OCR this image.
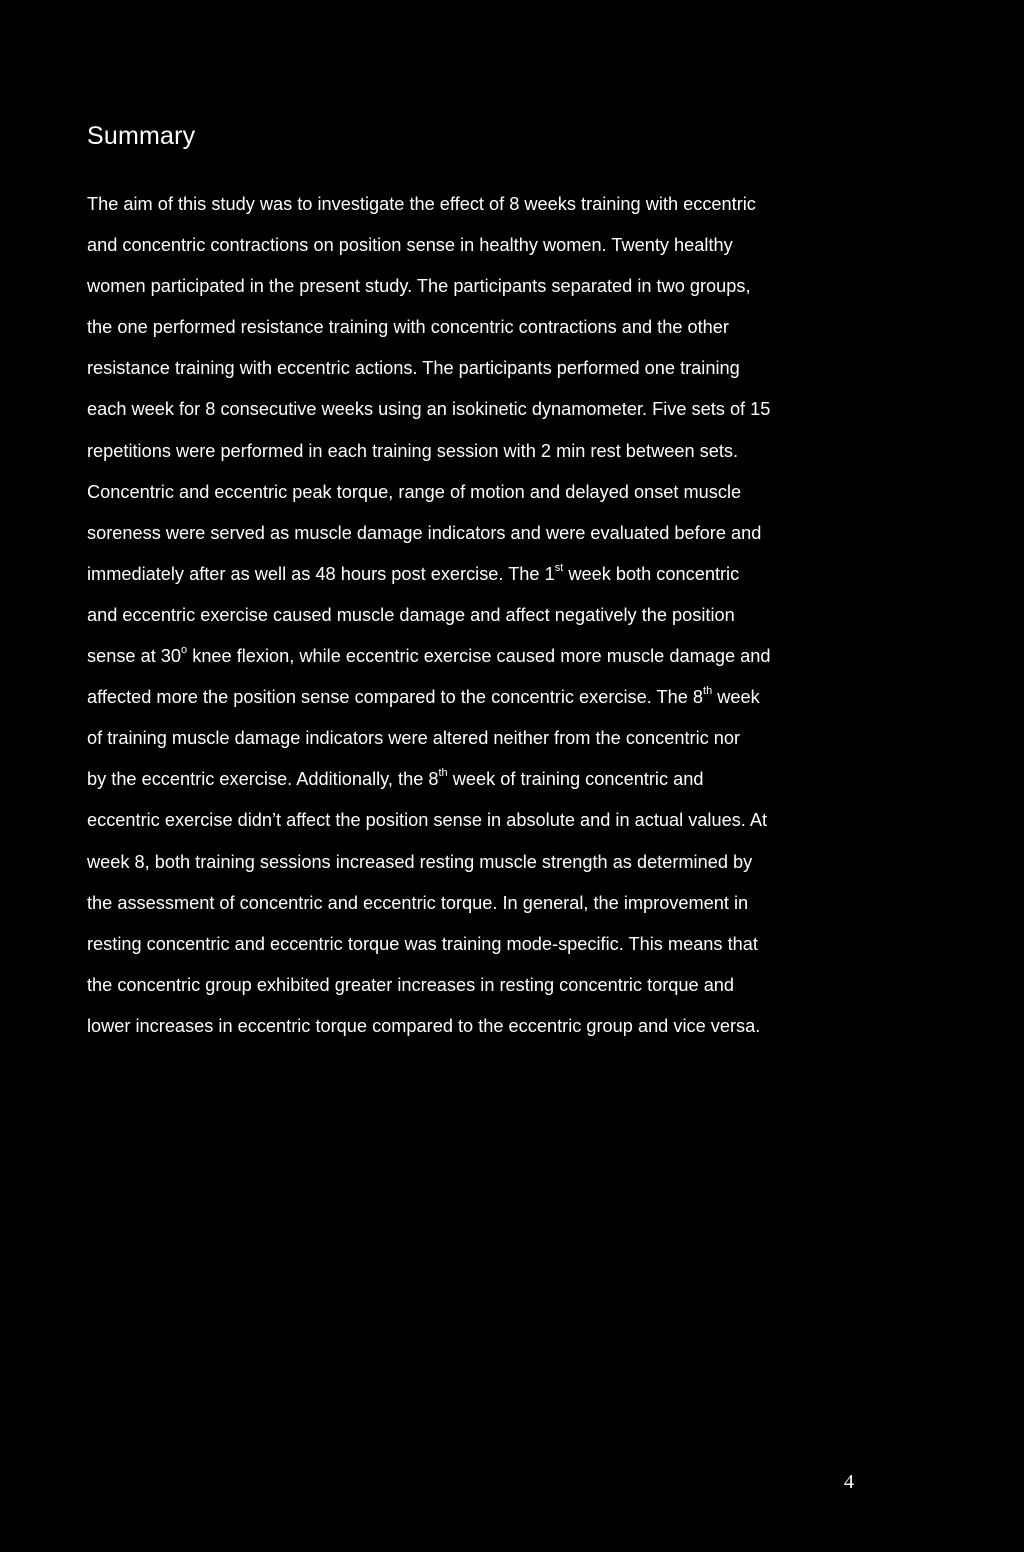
Summary
The aim of this study was to investigate the effect of 8 weeks training with eccentric
and concentric contractions on position sense in healthy women. Twenty healthy
women participated in the present study. The participants separated in two groups,
the one performed resistance training with concentric contractions and the other
resistance training with eccentric actions. The participants performed one training
each week for 8 consecutive weeks using an isokinetic dynamometer. Five sets of 15
repetitions were performed in each training session with 2 min rest between sets.
Concentric and eccentric peak torque, range of motion and delayed onset muscle
soreness were served as muscle damage indicators and were evaluated before and
immediately after as well as 48 hours post exercise. The 1st week both concentric
and eccentric exercise caused muscle damage and affect negatively the position
sense at 30$^o$ knee flexion, while eccentric exercise caused more muscle damage and
affected more the position sense compared to the concentric exercise. The 8th week
of training muscle damage indicators were altered neither from the concentric nor
by the eccentric exercise. Additionally, the 8th week of training concentric and
eccentric exercise didn’t affect the position sense in absolute and in actual values. At
week 8, both training sessions increased resting muscle strength as determined by
the assessment of concentric and eccentric torque. In general, the improvement in
resting concentric and eccentric torque was training mode-specific. This means that
the concentric group exhibited greater increases in resting concentric torque and
lower increases in eccentric torque compared to the eccentric group and vice versa.
4
